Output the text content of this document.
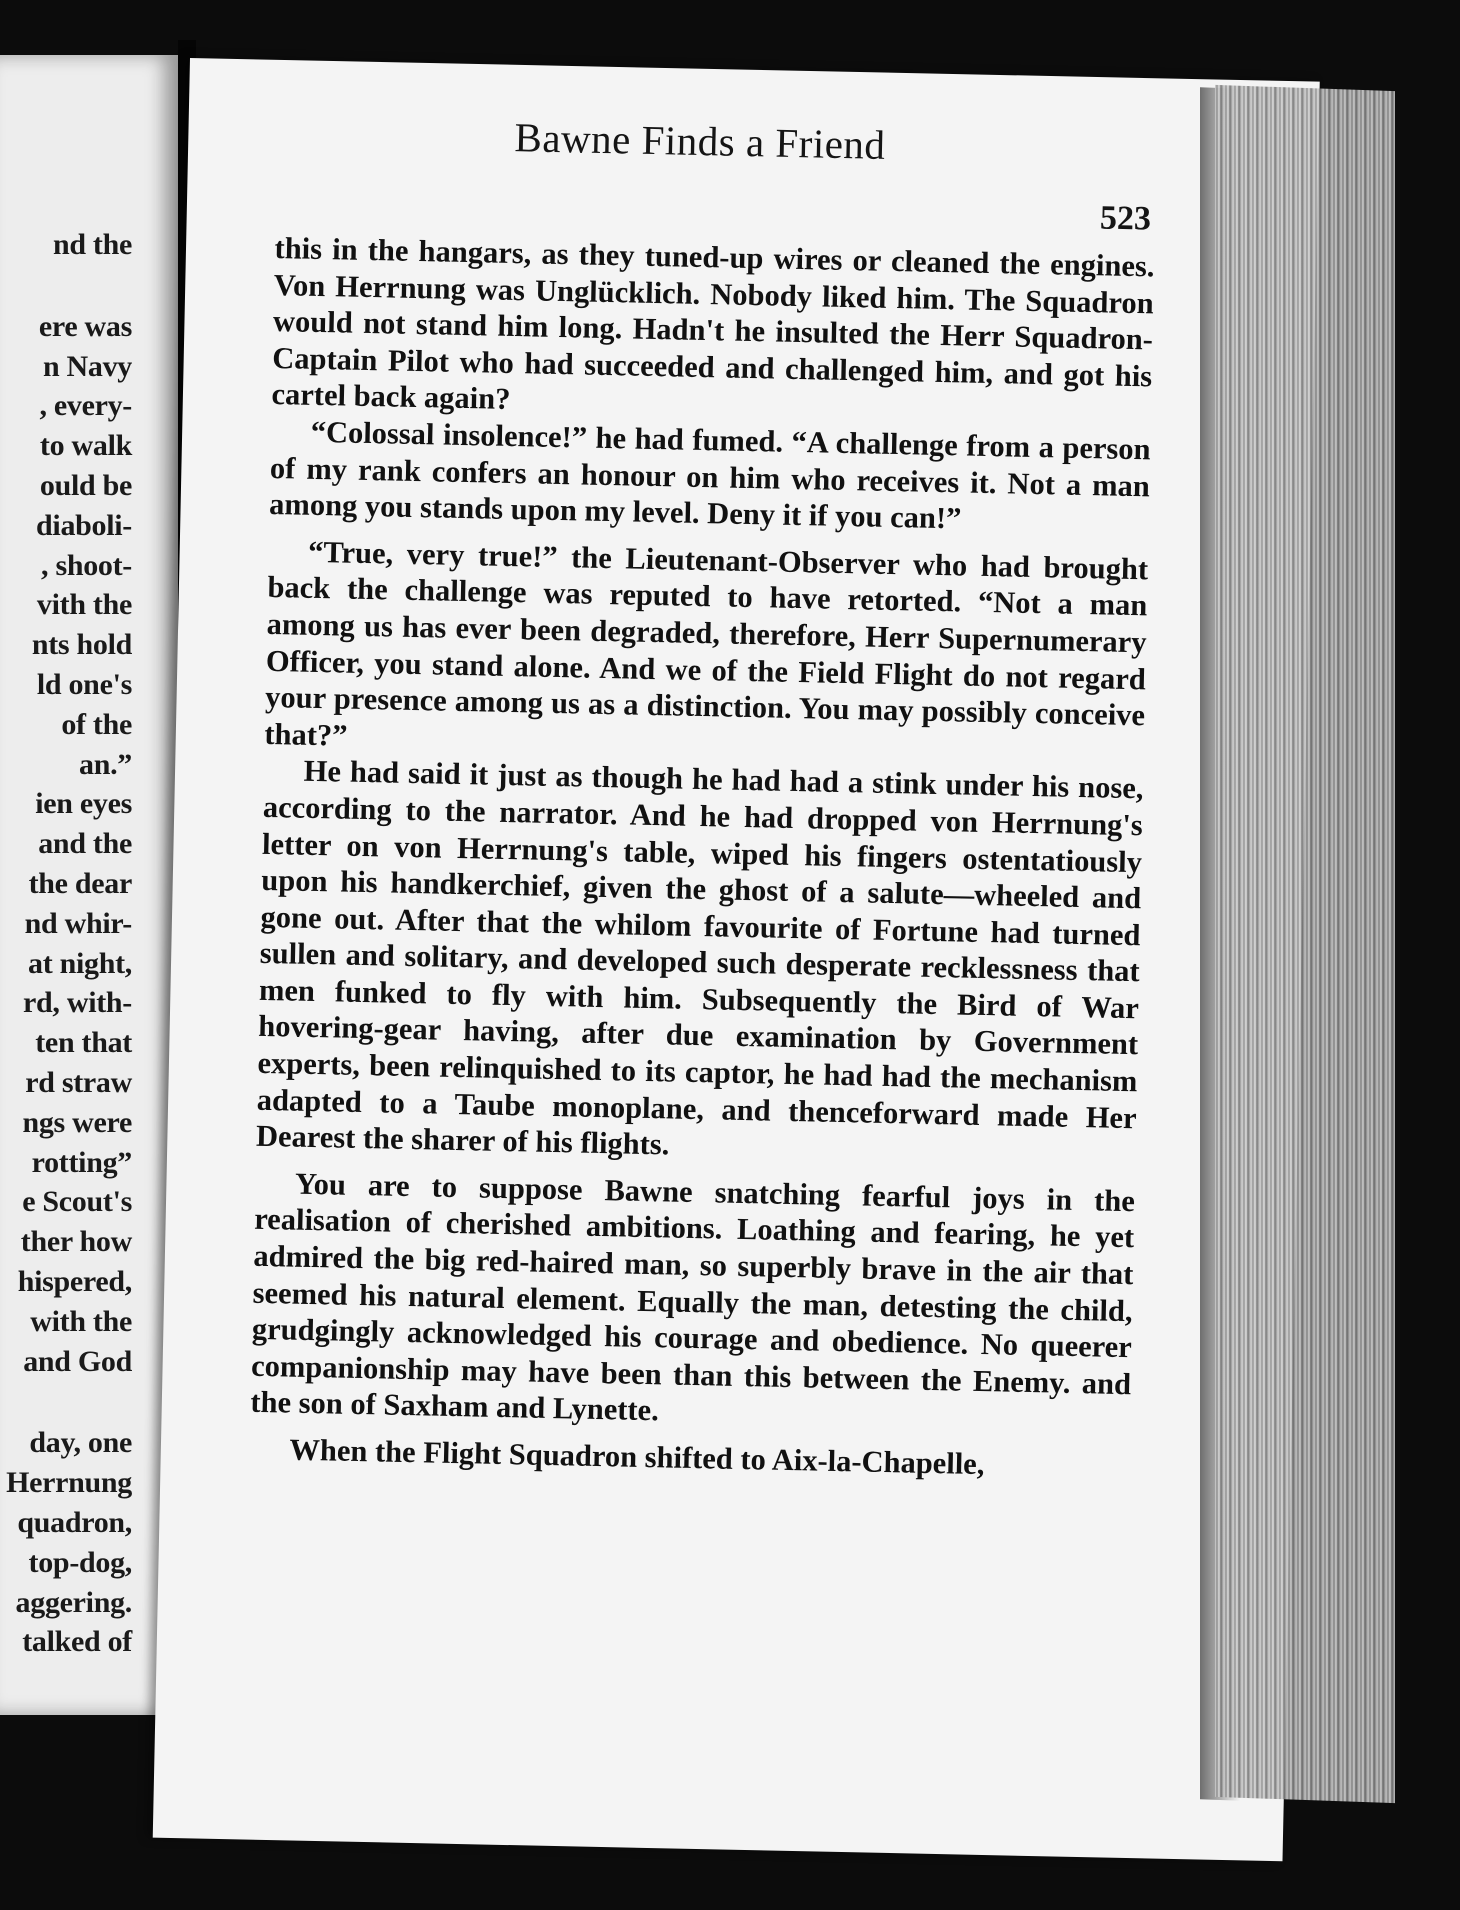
nd the
ere was
n Navy
, every-
to walk
ould be
diaboli-
, shoot-
vith the
nts hold
ld one's
of the
an.”
ien eyes
and the
the dear
nd whir-
at night,
rd, with-
ten that
rd straw
ngs were
rotting”
e Scout's
ther how
hispered,
with the
and God
day, one
Herrnung
quadron,
top-dog,
aggering.
talked of
Bawne Finds a Friend
523

this in the hangars, as they tuned-up wires or cleaned the engines. Von Herrnung was Unglücklich. Nobody liked him. The Squadron would not stand him long. Hadn't he insulted the Herr Squadron-Captain Pilot who had succeeded and challenged him, and got his cartel back again?

“Colossal insolence!” he had fumed. “A challenge from a person of my rank confers an honour on him who receives it. Not a man among you stands upon my level. Deny it if you can!”

“True, very true!” the Lieutenant-Observer who had brought back the challenge was reputed to have retorted. “Not a man among us has ever been degraded, therefore, Herr Supernumerary Officer, you stand alone. And we of the Field Flight do not regard your presence among us as a distinction. You may possibly conceive that?”

He had said it just as though he had had a stink under his nose, according to the narrator. And he had dropped von Herrnung's letter on von Herrnung's table, wiped his fingers ostentatiously upon his handkerchief, given the ghost of a salute—wheeled and gone out. After that the whilom favourite of Fortune had turned sullen and solitary, and developed such desperate recklessness that men funked to fly with him. Subsequently the Bird of War hovering-gear having, after due examination by Government experts, been relinquished to its captor, he had had the mechanism adapted to a Taube monoplane, and thenceforward made Her Dearest the sharer of his flights.

You are to suppose Bawne snatching fearful joys in the realisation of cherished ambitions. Loathing and fearing, he yet admired the big red-haired man, so superbly brave in the air that seemed his natural element. Equally the man, detesting the child, grudgingly acknowledged his courage and obedience. No queerer companionship may have been than this between the Enemy. and the son of Saxham and Lynette.

When the Flight Squadron shifted to Aix-la-Chapelle,
